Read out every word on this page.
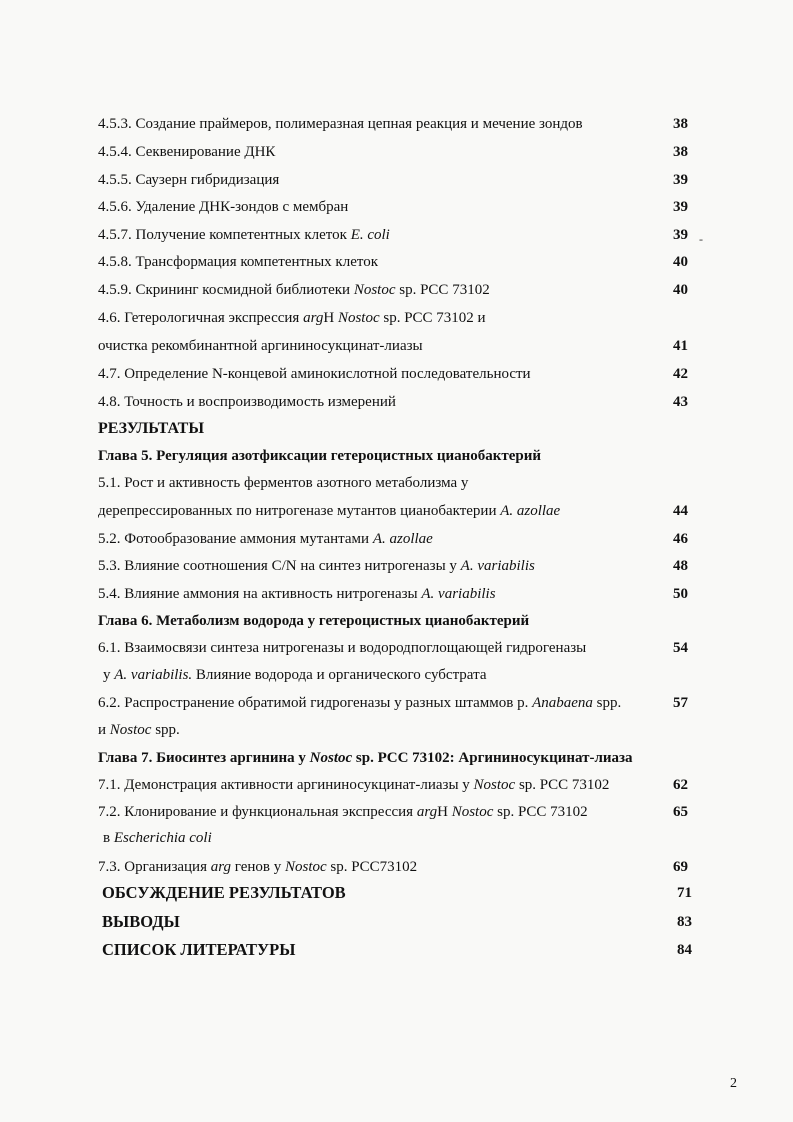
4.5.3. Создание праймеров, полимеразная цепная реакция и мечение зондов	38
4.5.4. Секвенирование ДНК	38
4.5.5. Саузерн гибридизация	39
4.5.6. Удаление ДНК-зондов с мембран	39
4.5.7. Получение компетентных клеток E. coli	39
4.5.8. Трансформация компетентных клеток	40
4.5.9. Скрининг космидной библиотеки Nostoc sp. PCC 73102	40
4.6. Гетерологичная экспрессия argH Nostoc sp. PCC 73102 и
очистка рекомбинантной аргининосукцинат-лиазы	41
4.7. Определение N-концевой аминокислотной последовательности	42
4.8. Точность и воспроизводимость измерений	43
РЕЗУЛЬТАТЫ
Глава 5. Регуляция азотфиксации гетероцистных цианобактерий
5.1. Рост и активность ферментов азотного метаболизма у
дерепрессированных по нитрогеназе мутантов цианобактерии A. azollae	44
5.2. Фотообразование аммония мутантами A. azollae	46
5.3. Влияние соотношения C/N на синтез нитрогеназы у A. variabilis	48
5.4. Влияние аммония на активность нитрогеназы A. variabilis	50
Глава 6. Метаболизм водорода у гетероцистных цианобактерий
6.1. Взаимосвязи синтеза нитрогеназы и водородпоглощающей гидрогеназы	54
у A. variabilis. Влияние водорода и органического субстрата
6.2. Распространение обратимой гидрогеназы у разных штаммов р. Anabaena spp.	57
и Nostoc spp.
Глава 7. Биосинтез аргинина у Nostoc sp. PCC 73102: Аргининосукцинат-лиаза
7.1. Демонстрация активности аргининосукцинат-лиазы у Nostoc sp. PCC 73102	62
7.2. Клонирование и функциональная экспрессия argH Nostoc sp. PCC 73102	65
в Escherichia coli
7.3. Организация arg генов у Nostoc sp. PCC73102	69
ОБСУЖДЕНИЕ РЕЗУЛЬТАТОВ	71
ВЫВОДЫ	83
СПИСОК ЛИТЕРАТУРЫ	84
-
2
